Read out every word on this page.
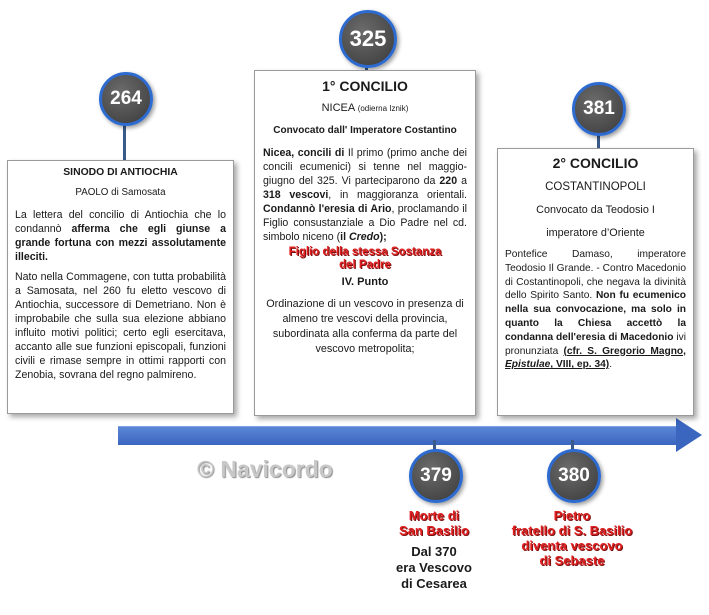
264
325
381
379	380

SINODO DI ANTIOCHIA

PAOLO di Samosata

La lettera del concilio di Antiochia che lo condannò afferma che egli giunse a grande fortuna con mezzi assolutamente illeciti.

Nato nella Commagene, con tutta probabilità a Samosata, nel 260 fu eletto vescovo di Antiochia, successore di Demetriano. Non è improbabile che sulla sua elezione abbiano influito motivi politici; certo egli esercitava, accanto alle sue funzioni episcopali, funzioni civili e rimase sempre in ottimi rapporti con Zenobia, sovrana del regno palmireno.

1° CONCILIO

NICEA (odierna Iznik)

Convocato dall' Imperatore Costantino

Nicea, concili di Il primo (primo anche dei concili ecumenici) si tenne nel maggio-giugno del 325. Vi parteciparono da 220 a 318 vescovi, in maggioranza orientali. Condannò l'eresia di Ario, proclamando il Figlio consustanziale a Dio Padre nel cd. simbolo niceno (il Credo);

Figlio della stessa Sostanza

del Padre

IV. Punto

Ordinazione di un vescovo in presenza di almeno tre vescovi della provincia, subordinata alla conferma da parte del vescovo metropolita;

2° CONCILIO

COSTANTINOPOLI

Convocato da Teodosio I

imperatore d’Oriente

Pontefice Damaso, imperatore Teodosio Il Grande. - Contro Macedonio di Costantinopoli, che negava la divinità dello Spirito Santo. Non fu ecumenico nella sua convocazione, ma solo in quanto la Chiesa accettò la condanna dell'eresia di Macedonio ivi pronunziata (cfr. S. Gregorio Magno, Epistulae, VIII, ep. 34).

© Navicordo

Morte di

San Basilio

Dal 370

era Vescovo

di Cesarea

Pietro

fratello di S. Basilio

diventa vescovo

di Sebaste
